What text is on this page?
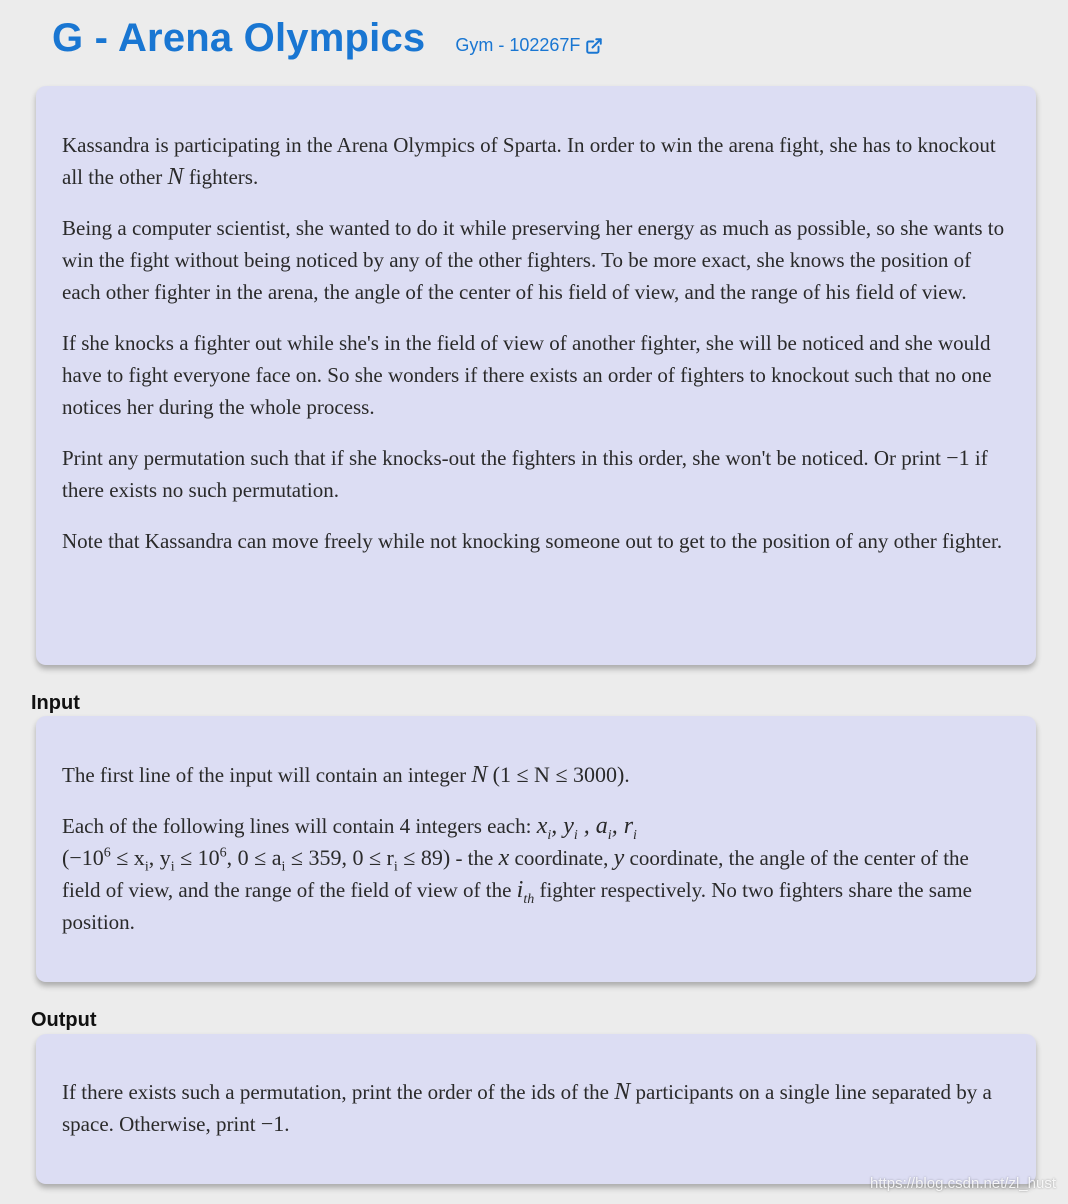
G - Arena Olympics Gym - 102267F

Kassandra is participating in the Arena Olympics of Sparta. In order to win the arena fight, she has to knockout all the other N fighters.

Being a computer scientist, she wanted to do it while preserving her energy as much as possible, so she wants to win the fight without being noticed by any of the other fighters. To be more exact, she knows the position of each other fighter in the arena, the angle of the center of his field of view, and the range of his field of view.

If she knocks a fighter out while she's in the field of view of another fighter, she will be noticed and she would have to fight everyone face on. So she wonders if there exists an order of fighters to knockout such that no one notices her during the whole process.

Print any permutation such that if she knocks-out the fighters in this order, she won't be noticed. Or print −1 if there exists no such permutation.

Note that Kassandra can move freely while not knocking someone out to get to the position of any other fighter.

Input

The first line of the input will contain an integer N (1 ≤ N ≤ 3000).

Each of the following lines will contain 4 integers each: $x_i$, $y_i$ , $a_i$, $r_i$
($-10^6 \le x_i$, $y_i \le 10^6$, $0 \le a_i \le 359$, $0 \le r_i \le 89$) - the x coordinate, y coordinate, the angle of the center of the field of view, and the range of the field of view of the $i_{th}$ fighter respectively. No two fighters share the same position.

Output

If there exists such a permutation, print the order of the ids of the N participants on a single line separated by a space. Otherwise, print −1.

https://blog.csdn.net/zl_hust
